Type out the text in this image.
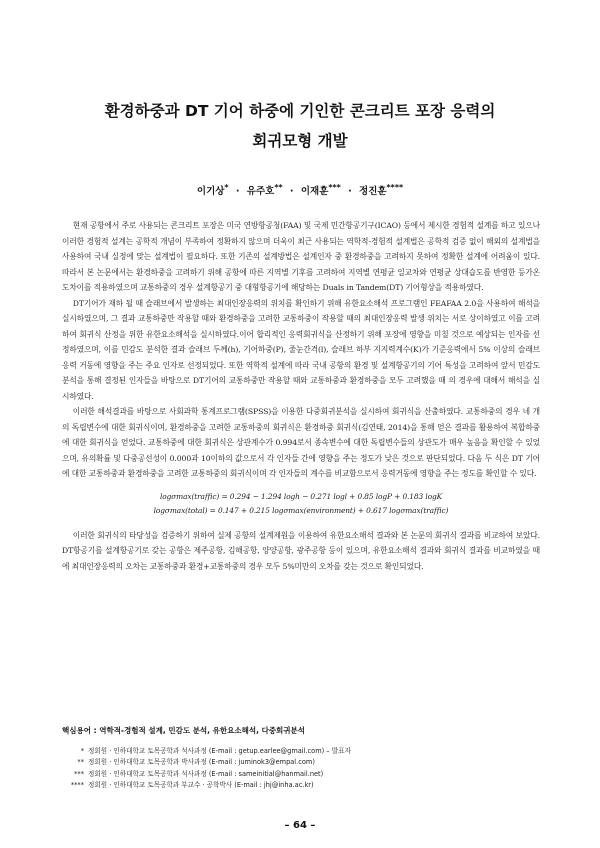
환경하중과 DT 기어 하중에 기인한 콘크리트 포장 응력의
회귀모형 개발
이기상* · 유주호** · 이재훈*** · 정진훈****

현재 공항에서 주로 사용되는 콘크리트 포장은 미국 연방항공청(FAA) 및 국제 민간항공기구(ICAO) 등에서 제시한 경험적 설계를 하고 있으나 이러한 경험적 설계는 공학적 개념이 부족하여 정확하지 않으며 더욱이 최근 사용되는 역학적-경험적 설계법은 공학적 검증 없이 해외의 설계법을 사용하여 국내 실정에 맞는 설계법이 필요하다. 또한 기존의 설계방법은 설계인자 중 환경하중을 고려하지 못하여 정확한 설계에 어려움이 있다. 따라서 본 논문에서는 환경하중을 고려하기 위해 공항에 따른 지역별 기후를 고려하여 지역별 연평균 일교차와 연평균 상대습도를 반영한 등가온도차이를 적용하였으며 교통하중의 경우 설계항공기 중 대형항공기에 해당하는 Duals in Tandem(DT) 기어형상을 적용하였다.

DT기어가 재하 될 때 슬래브에서 발생하는 최대인장응력의 위치를 확인하기 위해 유한요소해석 프로그램인 FEAFAA 2.0을 사용하여 해석을 실시하였으며, 그 결과 교통하중만 작용할 때와 환경하중을 고려한 교통하중이 작용할 때의 최대인장응력 발생 위치는 서로 상이하였고 이를 고려하여 회귀식 산정을 위한 유한요소해석을 실시하였다.이어 합리적인 응력회귀식을 산정하기 위해 포장에 영향을 미칠 것으로 예상되는 인자를 선정하였으며, 이를 민감도 분석한 결과 슬래브 두께(h), 기어하중(P), 줄눈간격(l), 슬래브 하부 지지력계수(K)가 기준응력에서 5% 이상의 슬래브 응력 거동에 영향을 주는 주요 인자로 선정되었다. 또한 역학적 설계에 따라 국내 공항의 환경 및 설계항공기의 기어 특성을 고려하여 앞서 민감도 분석을 통해 결정된 인자들을 바탕으로 DT기어의 교통하중만 작용할 때와 교통하중과 환경하중을 모두 고려했을 때 의 경우에 대해서 해석을 실시하였다.

이러한 해석결과를 바탕으로 사회과학 통계프로그램(SPSS)을 이용한 다중회귀분석을 실시하여 회귀식을 산출하였다. 교통하중의 경우 네 개의 독립변수에 대한 회귀식이며, 환경하중을 고려한 교통하중의 회귀식은 환경하중 회귀식(김연태, 2014)을 통해 얻은 결과를 활용하여 복합하중에 대한 회귀식을 얻었다. 교통하중에 대한 회귀식은 상관계수가 0.994로서 종속변수에 대한 독립변수들의 상관도가 매우 높음을 확인할 수 있었으며, 유의확률 및 다중공선성이 0.000과 10이하의 값으로서 각 인자들 간에 영향을 주는 정도가 낮은 것으로 판단되었다. 다음 두 식은 DT 기어에 대한 교통하중과 환경하중을 고려한 교통하중의 회귀식이며 각 인자들의 계수를 비교함으로서 응력거동에 영향을 주는 정도를 확인할 수 있다.

logσmax(traffic) = 0.294 − 1.294 logh − 0.271 logl + 0.85 logP + 0.183 logK
logσmax(total) = 0.147 + 0.215 logσmax(environment) + 0.617 logσmax(traffic)

이러한 회귀식의 타당성을 검증하기 위하여 실제 공항의 설계제원을 이용하여 유한요소해석 결과와 본 논문의 회귀식 결과를 비교하여 보았다. DT항공기를 설계항공기로 갖는 공항은 제주공항, 김해공항, 양양공항, 광주공항 등이 있으며, 유한요소해석 결과와 회귀식 결과를 비교하였을 때에 최대인장응력의 오차는 교통하중과 환경+교통하중의 경우 모두 5%미만의 오차를 갖는 것으로 확인되었다.

핵심용어 : 역학적-경험적 설계, 민감도 분석, 유한요소해석, 다중회귀분석
* 정회원 · 인하대학교 토목공학과 석사과정 (E-mail : getup.earlee@gmail.com) – 발표자
** 정회원 · 인하대학교 토목공학과 박사과정 (E-mail : juminok3@empal.com)
*** 정회원 · 인하대학교 토목공학과 석사과정 (E-mail : sameinitial@hanmail.net)
**** 정회원 · 인하대학교 토목공학과 부교수 · 공학박사 (E-mail : jhj@inha.ac.kr)
– 64 –
